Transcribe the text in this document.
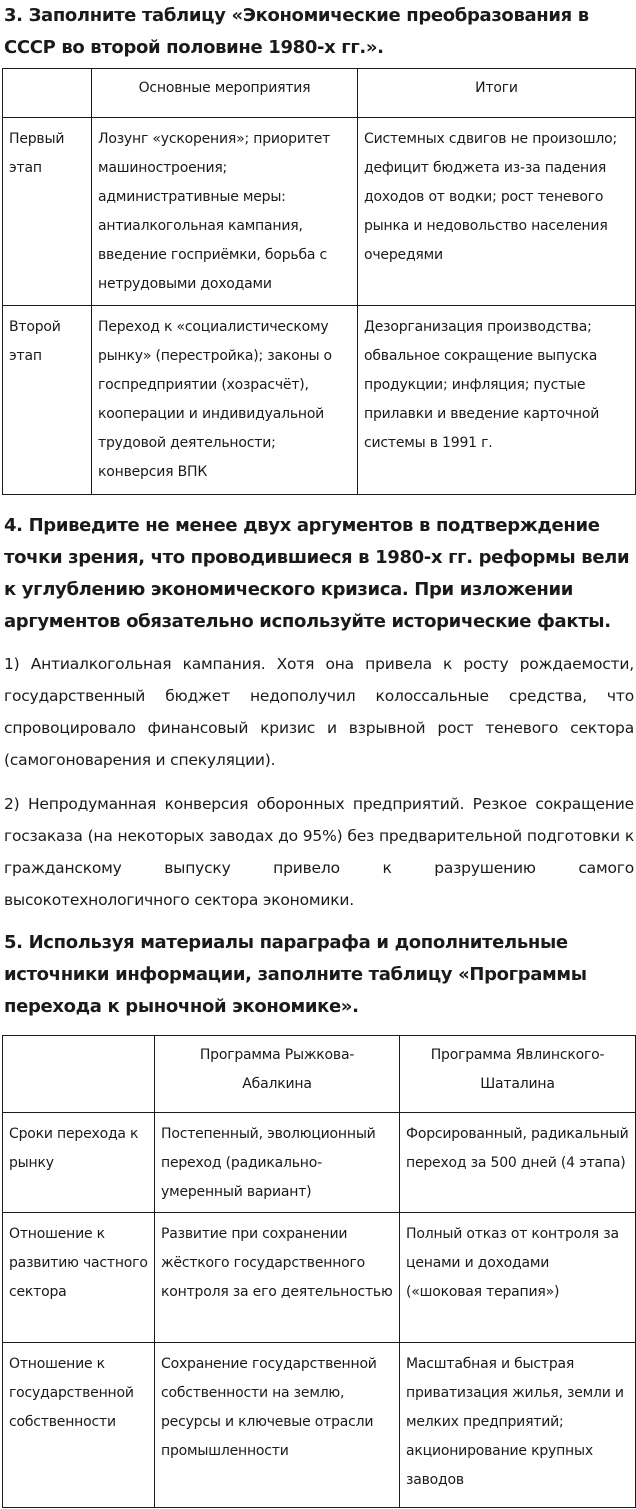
3. Заполните таблицу «Экономические преобразования в СССР во второй половине 1980-х гг.».

	Основные мероприятия	Итоги
Первый этап	Лозунг «ускорения»; приоритет машиностроения; административные меры: антиалкогольная кампания, введение госприёмки, борьба с нетрудовыми доходами	Системных сдвигов не произошло; дефицит бюджета из-за падения доходов от водки; рост теневого рынка и недовольство населения очередями
Второй этап	Переход к «социалистическому рынку» (перестройка); законы о госпредприятии (хозрасчёт), кооперации и индивидуальной трудовой деятельности; конверсия ВПК	Дезорганизация производства; обвальное сокращение выпуска продукции; инфляция; пустые прилавки и введение карточной системы в 1991 г.

4. Приведите не менее двух аргументов в подтверждение точки зрения, что проводившиеся в 1980-х гг. реформы вели к углублению экономического кризиса. При изложении аргументов обязательно используйте исторические факты.

1) Антиалкогольная кампания. Хотя она привела к росту рождаемости, государственный бюджет недополучил колоссальные средства, что спровоцировало финансовый кризис и взрывной рост теневого сектора (самогоноварения и спекуляции).

2) Непродуманная конверсия оборонных предприятий. Резкое сокращение госзаказа (на некоторых заводах до 95%) без предварительной подготовки к гражданскому выпуску привело к разрушению самого высокотехнологичного сектора экономики.

5. Используя материалы параграфа и дополнительные источники информации, заполните таблицу «Программы перехода к рыночной экономике».

	Программа Рыжкова-Абалкина	Программа Явлинского-Шаталина
Сроки перехода к рынку	Постепенный, эволюционный переход (радикально-умеренный вариант)	Форсированный, радикальный переход за 500 дней (4 этапа)
Отношение к развитию частного сектора	Развитие при сохранении жёсткого государственного контроля за его деятельностью	Полный отказ от контроля за ценами и доходами («шоковая терапия»)
Отношение к государственной собственности	Сохранение государственной собственности на землю, ресурсы и ключевые отрасли промышленности	Масштабная и быстрая приватизация жилья, земли и мелких предприятий; акционирование крупных заводов
